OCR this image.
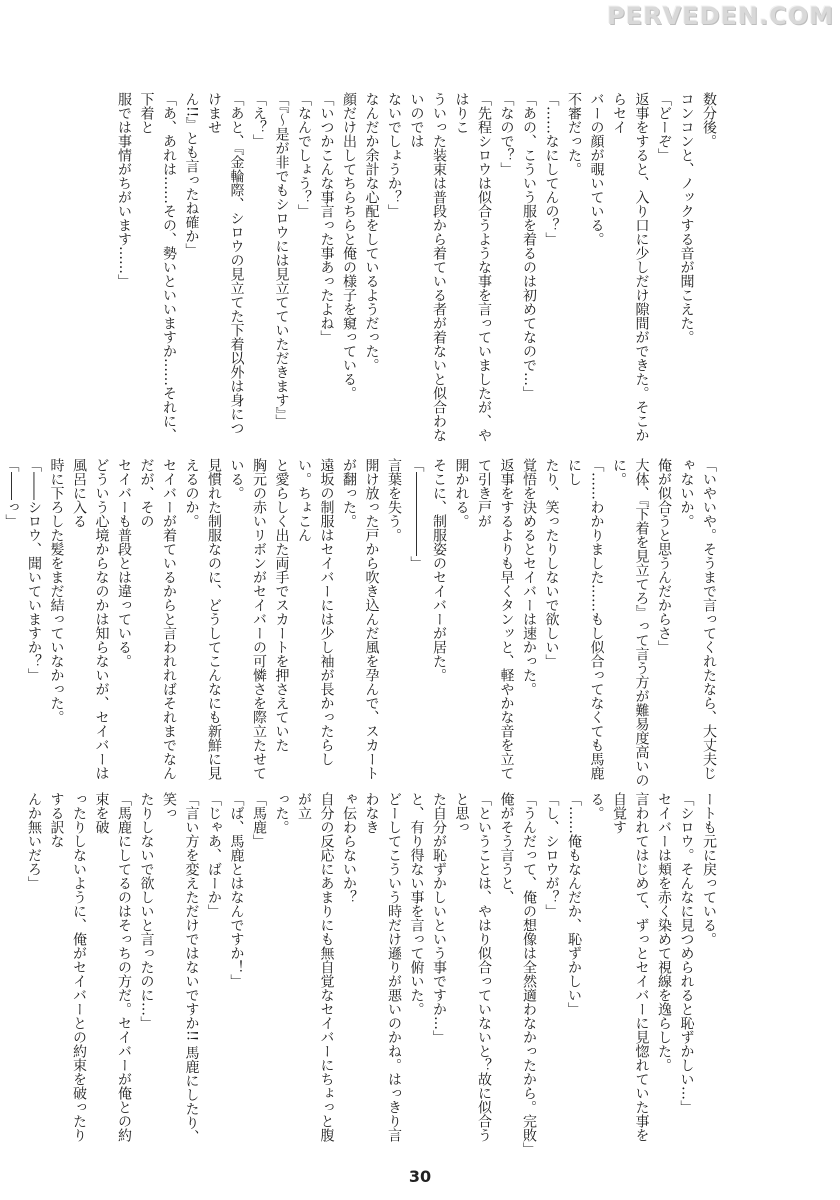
PERVEDEN.COM

数分後。

コンコンと、ノックする音が聞こえた。

「どーぞ」

返事をすると、入り口に少しだけ隙間ができた。そこからセイ

バーの顔が覗いている。

不審だった。

「……なにしてんの？」

「あの、こういう服を着るのは初めてなので…」

「なので？」

「先程シロウは似合うような事を言っていましたが、やはりこ

ういった装束は普段から着ている者が着ないと似合わないのでは

ないでしょうか？」

なんだか余計な心配をしているようだった。

顔だけ出してちらちらと俺の様子を窺っている。

「いつかこんな事言った事あったよね」

「なんでしょう？」

「『～是が非でもシロウには見立てていただきます』」

「え？」

「あと、『金輪際、シロウの見立てた下着以外は身につけませ

ん!!』とも言ったね確か」

「あ、あれは……その、勢いといいますか……それに、下着と

服では事情がちがいます……」

「いやいや。そうまで言ってくれたなら、大丈夫じゃないか。

俺が似合うと思うんだからさ」

大体、『下着を見立てろ』って言う方が難易度高いのに。

「……わかりました……もし似合ってなくても馬鹿にし

たり、笑ったりしないで欲しい」

覚悟を決めるとセイバーは速かった。

返事をするよりも早くタンッと、軽やかな音を立てて引き戸が

開かれる。

そこに、制服姿のセイバーが居た。

「――――――」

言葉を失う。

開け放った戸から吹き込んだ風を孕んで、スカートが翻った。

遠坂の制服はセイバーには少し袖が長かったらしい。ちょこん

と愛らしく出た両手でスカートを押さえていた

胸元の赤いリボンがセイバーの可憐さを際立たせている。

見慣れた制服なのに、どうしてこんなにも新鮮に見えるのか。

セイバーが着ているからと言われればそれまでなんだが、その

セイバーも普段とは違っている。

どういう心境からなのかは知らないが、セイバーは風呂に入る

時に下ろした髪をまだ結っていなかった。

「――シロウ、聞いていますか？」

「――っ」

ートも元に戻っている。

「シロウ。そんなに見つめられると恥ずかしい…」

セイバーは頬を赤く染めて視線を逸らした。

言われてはじめて、ずっとセイバーに見惚れていた事を自覚す

る。

「……俺もなんだか、恥ずかしい」

「し、シロウが？」

「うんだって、俺の想像は全然適わなかったから。完敗」

俺がそう言うと、

「ということは、やはり似合っていないと？故に似合うと思っ

た自分が恥ずかしいという事ですか…」

と、有り得ない事を言って俯いた。

どーしてこういう時だけ遜りが悪いのかね。はっきり言わなき

ゃ伝わらないか？

自分の反応にあまりにも無自覚なセイバーにちょっと腹が立

った。

「馬鹿」

「ば、馬鹿とはなんですか！」

「じゃあ、ばーか」

「言い方を変えただけではないですか!! 馬鹿にしたり、笑っ

たりしないで欲しいと言ったのに…」

「馬鹿にしてるのはそっちの方だ。セイバーが俺との約束を破

ったりしないように、俺がセイバーとの約束を破ったりする訳な

んか無いだろ」

30
